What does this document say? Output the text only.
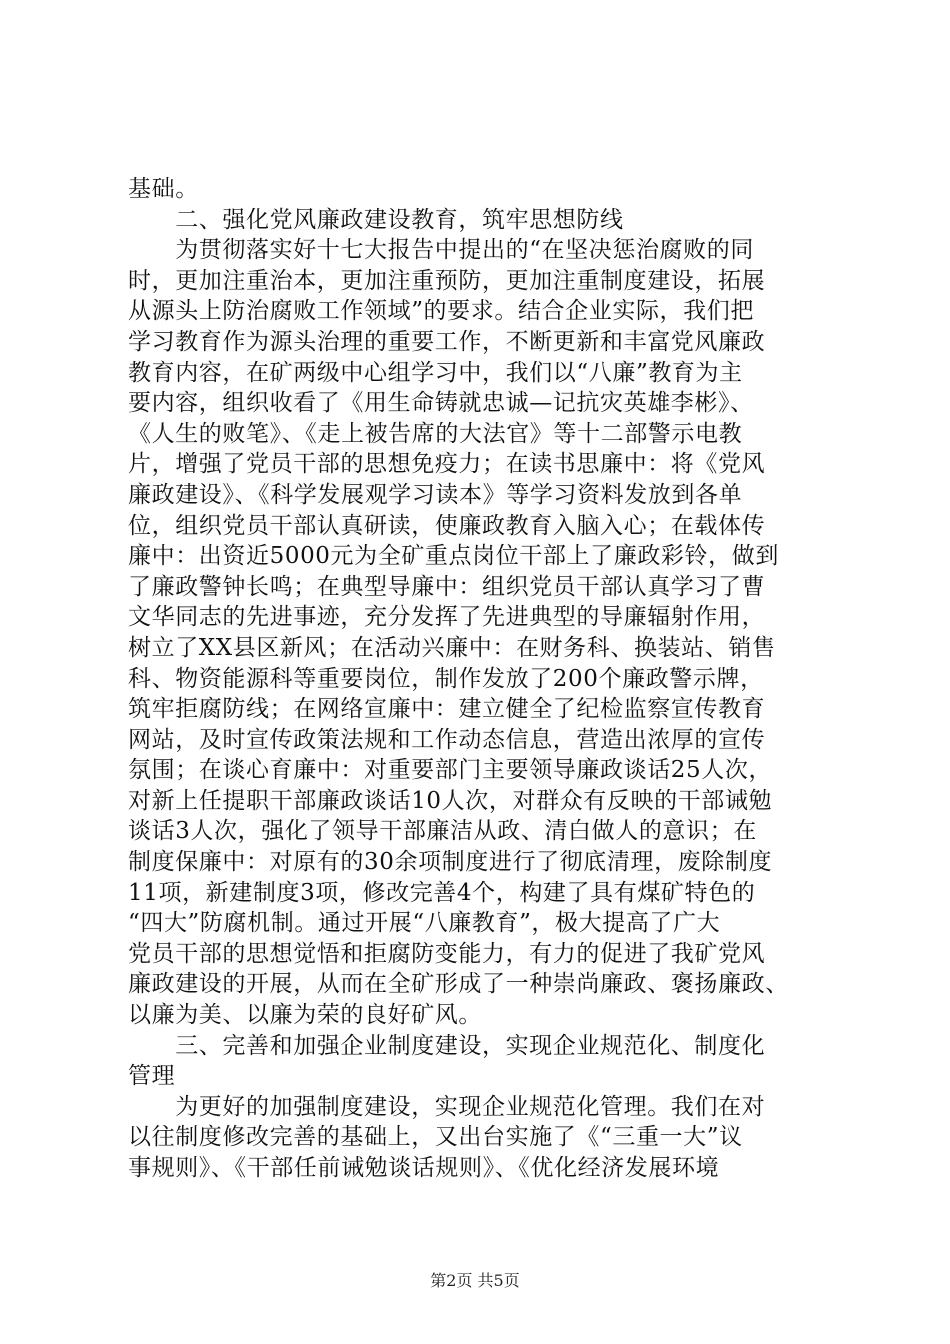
基础。
　　二、强化党风廉政建设教育，筑牢思想防线
　　为贯彻落实好十七大报告中提出的“在坚决惩治腐败的同
时，更加注重治本，更加注重预防，更加注重制度建设，拓展
从源头上防治腐败工作领域”的要求。结合企业实际，我们把
学习教育作为源头治理的重要工作，不断更新和丰富党风廉政
教育内容，在矿两级中心组学习中，我们以“八廉”教育为主
要内容，组织收看了《用生命铸就忠诚—记抗灾英雄李彬》、
《人生的败笔》、《走上被告席的大法官》等十二部警示电教
片，增强了党员干部的思想免疫力；在读书思廉中：将《党风
廉政建设》、《科学发展观学习读本》等学习资料发放到各单
位，组织党员干部认真研读，使廉政教育入脑入心；在载体传
廉中：出资近5000元为全矿重点岗位干部上了廉政彩铃，做到
了廉政警钟长鸣；在典型导廉中：组织党员干部认真学习了曹
文华同志的先进事迹，充分发挥了先进典型的导廉辐射作用，
树立了XX县区新风；在活动兴廉中：在财务科、换装站、销售
科、物资能源科等重要岗位，制作发放了200个廉政警示牌，
筑牢拒腐防线；在网络宣廉中：建立健全了纪检监察宣传教育
网站，及时宣传政策法规和工作动态信息，营造出浓厚的宣传
氛围；在谈心育廉中：对重要部门主要领导廉政谈话25人次，
对新上任提职干部廉政谈话10人次，对群众有反映的干部诫勉
谈话3人次，强化了领导干部廉洁从政、清白做人的意识；在
制度保廉中：对原有的30余项制度进行了彻底清理，废除制度
11项，新建制度3项，修改完善4个，构建了具有煤矿特色的
“四大”防腐机制。通过开展“八廉教育”，极大提高了广大
党员干部的思想觉悟和拒腐防变能力，有力的促进了我矿党风
廉政建设的开展，从而在全矿形成了一种崇尚廉政、褒扬廉政、
以廉为美、以廉为荣的良好矿风。
　　三、完善和加强企业制度建设，实现企业规范化、制度化
管理
　　为更好的加强制度建设，实现企业规范化管理。我们在对
以往制度修改完善的基础上，又出台实施了《“三重一大”议
事规则》、《干部任前诫勉谈话规则》、《优化经济发展环境
第2页 共5页
